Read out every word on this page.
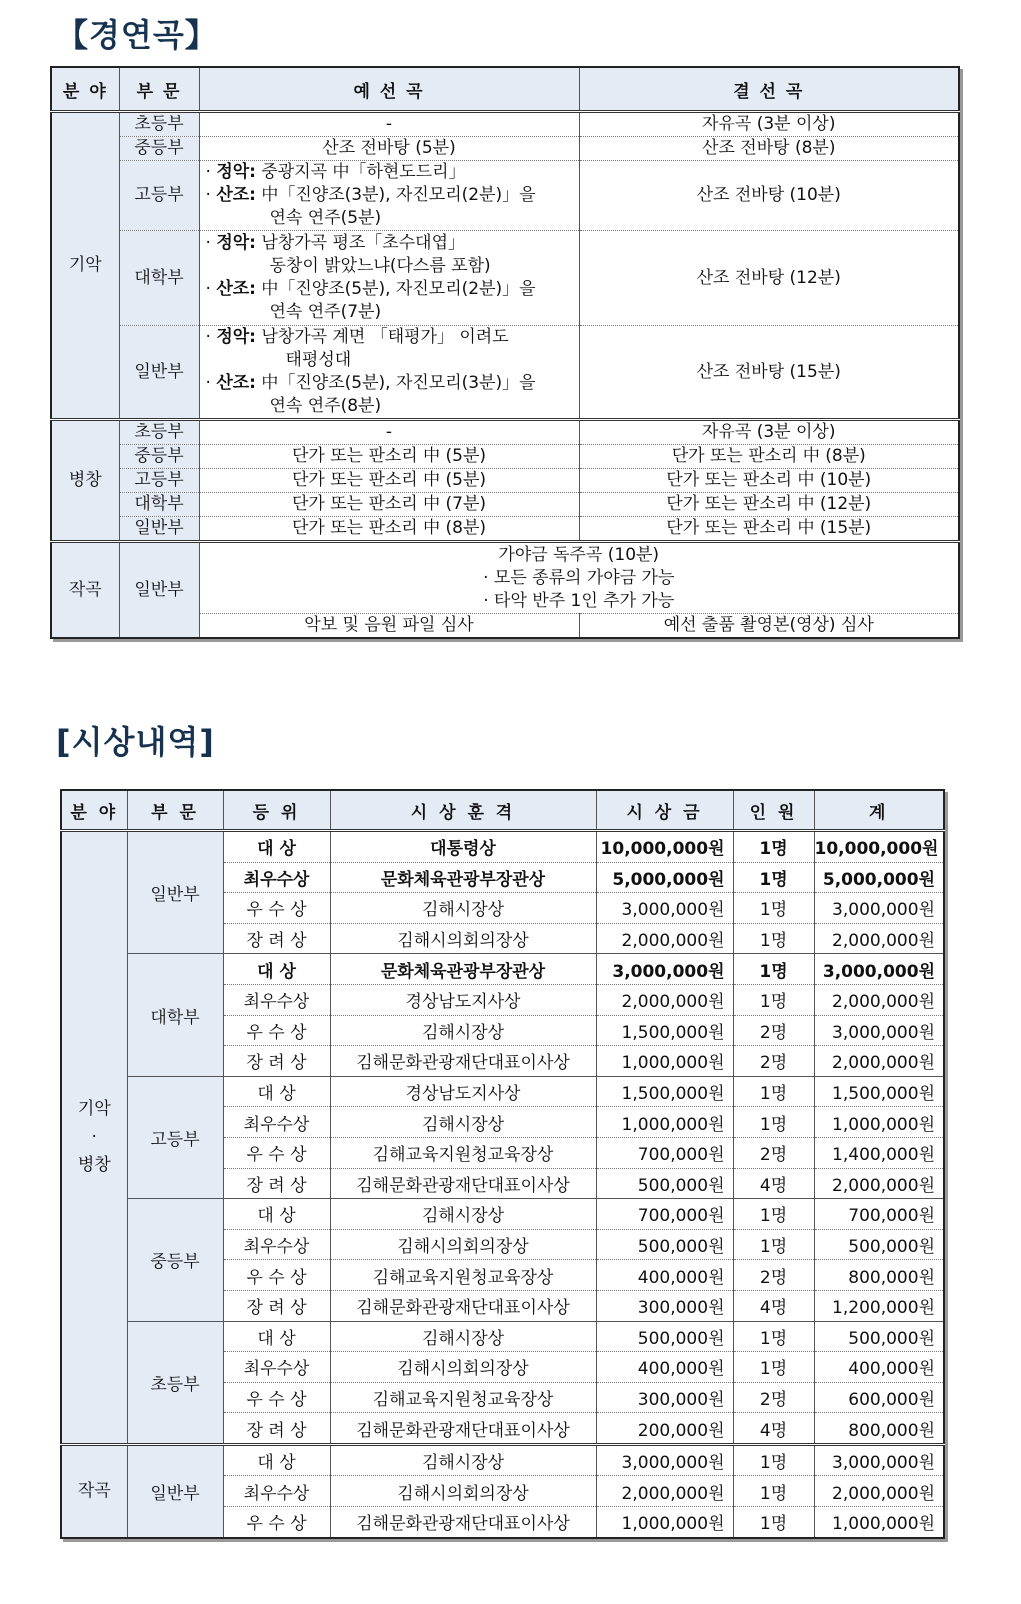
【경연곡】
분 야	부 문	예 선 곡	결 선 곡
기악	초등부	-	자유곡 (3분 이상)
	중등부	산조 전바탕 (5분)	산조 전바탕 (8분)
	고등부	· 정악: 중광지곡 中「하현도드리」
· 산조: 中「진양조(3분), 자진모리(2분)」을
연속 연주(5분)	산조 전바탕 (10분)
	대학부	· 정악: 남창가곡 평조「초수대엽」
동창이 밝았느냐(다스름 포함)
· 산조: 中「진양조(5분), 자진모리(2분)」을
연속 연주(7분)	산조 전바탕 (12분)
	일반부	· 정악: 남창가곡 계면 「태평가」 이려도
태평성대
· 산조: 中「진양조(5분), 자진모리(3분)」을
연속 연주(8분)	산조 전바탕 (15분)
병창	초등부	-	자유곡 (3분 이상)
	중등부	단가 또는 판소리 中 (5분)	단가 또는 판소리 中 (8분)
	고등부	단가 또는 판소리 中 (5분)	단가 또는 판소리 中 (10분)
	대학부	단가 또는 판소리 中 (7분)	단가 또는 판소리 中 (12분)
	일반부	단가 또는 판소리 中 (8분)	단가 또는 판소리 中 (15분)
작곡	일반부	가야금 독주곡 (10분)
· 모든 종류의 가야금 가능
· 타악 반주 1인 추가 가능	

		악보 및 음원 파일 심사	예선 출품 촬영본(영상) 심사
[시상내역]
분 야	부 문	등 위	시 상 훈 격	시 상 금	인 원	계
기악
·
병창	일반부	대 상	대통령상	10,000,000원	1명	10,000,000원
		최우수상	문화체육관광부장관상	5,000,000원	1명	5,000,000원
		우 수 상	김해시장상	3,000,000원	1명	3,000,000원
		장 려 상	김해시의회의장상	2,000,000원	1명	2,000,000원
	대학부	대 상	문화체육관광부장관상	3,000,000원	1명	3,000,000원
		최우수상	경상남도지사상	2,000,000원	1명	2,000,000원
		우 수 상	김해시장상	1,500,000원	2명	3,000,000원
		장 려 상	김해문화관광재단대표이사상	1,000,000원	2명	2,000,000원
	고등부	대 상	경상남도지사상	1,500,000원	1명	1,500,000원
		최우수상	김해시장상	1,000,000원	1명	1,000,000원
		우 수 상	김해교육지원청교육장상	700,000원	2명	1,400,000원
		장 려 상	김해문화관광재단대표이사상	500,000원	4명	2,000,000원
	중등부	대 상	김해시장상	700,000원	1명	700,000원
		최우수상	김해시의회의장상	500,000원	1명	500,000원
		우 수 상	김해교육지원청교육장상	400,000원	2명	800,000원
		장 려 상	김해문화관광재단대표이사상	300,000원	4명	1,200,000원
	초등부	대 상	김해시장상	500,000원	1명	500,000원
		최우수상	김해시의회의장상	400,000원	1명	400,000원
		우 수 상	김해교육지원청교육장상	300,000원	2명	600,000원
		장 려 상	김해문화관광재단대표이사상	200,000원	4명	800,000원
작곡	일반부	대 상	김해시장상	3,000,000원	1명	3,000,000원
		최우수상	김해시의회의장상	2,000,000원	1명	2,000,000원
		우 수 상	김해문화관광재단대표이사상	1,000,000원	1명	1,000,000원
